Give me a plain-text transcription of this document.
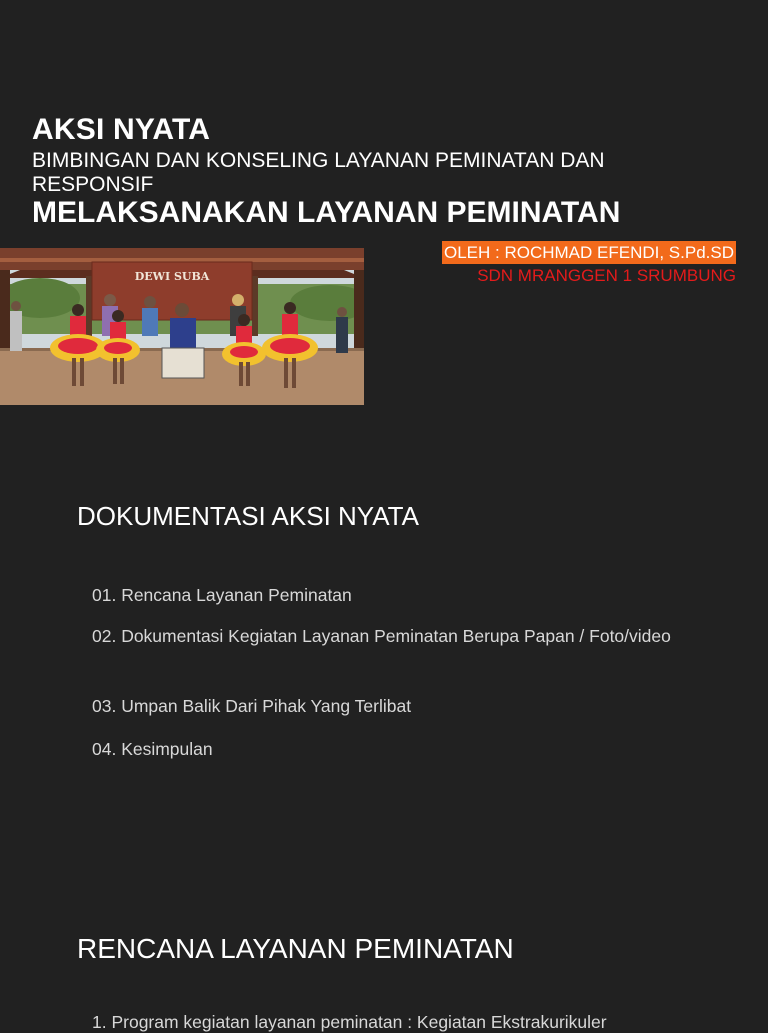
AKSI NYATA
BIMBINGAN DAN KONSELING LAYANAN PEMINATAN DAN RESPONSIF
MELAKSANAKAN LAYANAN PEMINATAN
OLEH : ROCHMAD EFENDI, S.Pd.SD
SDN MRANGGEN 1 SRUMBUNG
DEWI SUBA
DOKUMENTASI AKSI NYATA
01. Rencana Layanan Peminatan
02. Dokumentasi Kegiatan Layanan Peminatan Berupa Papan / Foto/video
03. Umpan Balik Dari Pihak Yang Terlibat
04. Kesimpulan
RENCANA LAYANAN PEMINATAN
1. Program kegiatan layanan peminatan : Kegiatan Ekstrakurikuler
